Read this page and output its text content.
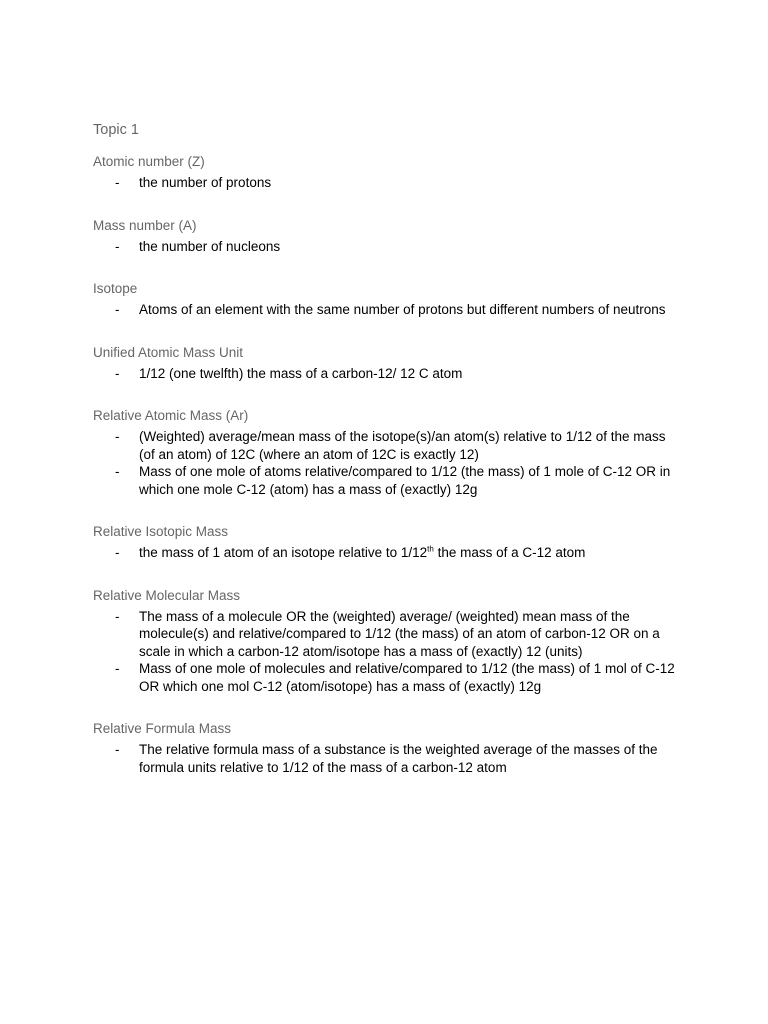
Topic 1
Atomic number (Z)
- the number of protons
Mass number (A)
- the number of nucleons
Isotope
- Atoms of an element with the same number of protons but different numbers of neutrons
Unified Atomic Mass Unit
- 1/12 (one twelfth) the mass of a carbon-12/ 12 C atom
Relative Atomic Mass (Ar)
- (Weighted) average/mean mass of the isotope(s)/an atom(s) relative to 1/12 of the mass (of an atom) of 12C (where an atom of 12C is exactly 12)
- Mass of one mole of atoms relative/compared to 1/12 (the mass) of 1 mole of C-12 OR in which one mole C-12 (atom) has a mass of (exactly) 12g
Relative Isotopic Mass
- the mass of 1 atom of an isotope relative to 1/12th the mass of a C-12 atom
Relative Molecular Mass
- The mass of a molecule OR the (weighted) average/ (weighted) mean mass of the molecule(s) and relative/compared to 1/12 (the mass) of an atom of carbon-12 OR on a scale in which a carbon-12 atom/isotope has a mass of (exactly) 12 (units)
- Mass of one mole of molecules and relative/compared to 1/12 (the mass) of 1 mol of C-12 OR which one mol C-12 (atom/isotope) has a mass of (exactly) 12g
Relative Formula Mass
- The relative formula mass of a substance is the weighted average of the masses of the formula units relative to 1/12 of the mass of a carbon-12 atom
